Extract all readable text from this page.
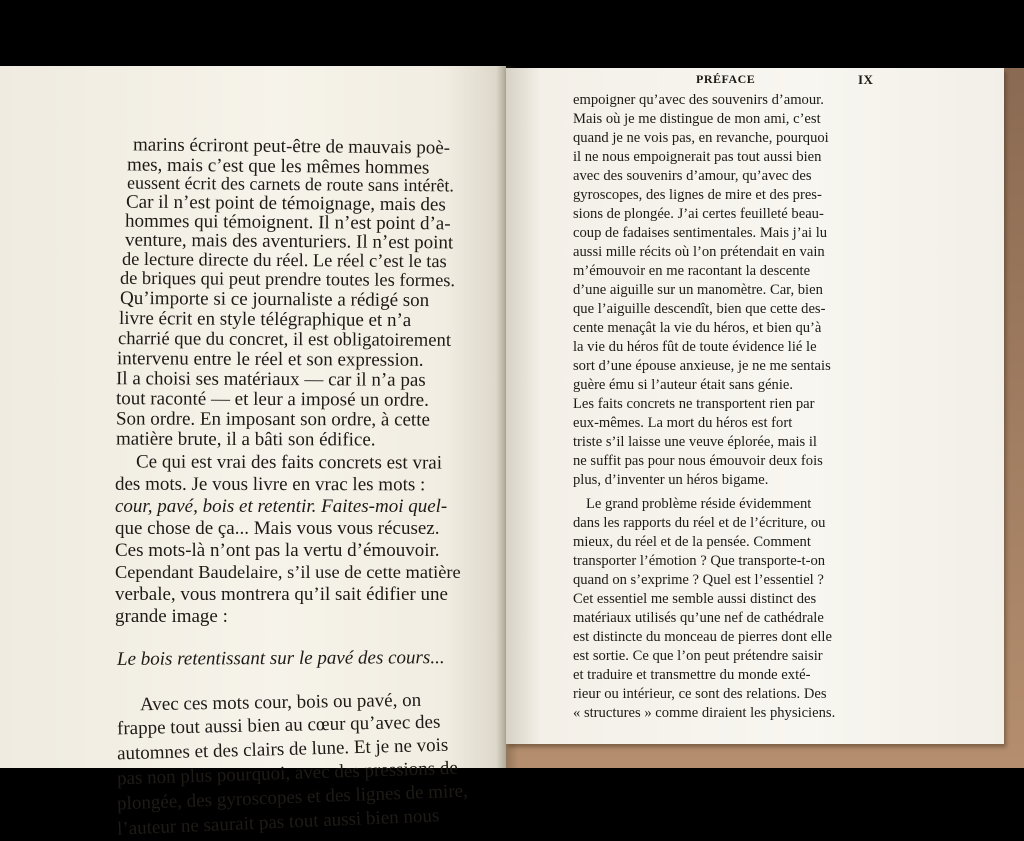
marins écriront peut-être de mauvais poè-
mes, mais c’est que les mêmes hommes
eussent écrit des carnets de route sans intérêt.
Car il n’est point de témoignage, mais des
hommes qui témoignent. Il n’est point d’a-
venture, mais des aventuriers. Il n’est point
de lecture directe du réel. Le réel c’est le tas
de briques qui peut prendre toutes les formes.
Qu’importe si ce journaliste a rédigé son
livre écrit en style télégraphique et n’a
charrié que du concret, il est obligatoirement
intervenu entre le réel et son expression.
Il a choisi ses matériaux — car il n’a pas
tout raconté — et leur a imposé un ordre.
Son ordre. En imposant son ordre, à cette
matière brute, il a bâti son édifice.
Ce qui est vrai des faits concrets est vrai
des mots. Je vous livre en vrac les mots :
cour, pavé, bois et retentir. Faites-moi quel-
que chose de ça... Mais vous vous récusez.
Ces mots-là n’ont pas la vertu d’émouvoir.
Cependant Baudelaire, s’il use de cette matière
verbale, vous montrera qu’il sait édifier une
grande image :
Le bois retentissant sur le pavé des cours...
Avec ces mots cour, bois ou pavé, on
frappe tout aussi bien au cœur qu’avec des
automnes et des clairs de lune. Et je ne vois
pas non plus pourquoi, avec des pressions de
plongée, des gyroscopes et des lignes de mire,
l’auteur ne saurait pas tout aussi bien nous
PRÉFACE	IX
empoigner qu’avec des souvenirs d’amour.
Mais où je me distingue de mon ami, c’est
quand je ne vois pas, en revanche, pourquoi
il ne nous empoignerait pas tout aussi bien
avec des souvenirs d’amour, qu’avec des
gyroscopes, des lignes de mire et des pres-
sions de plongée. J’ai certes feuilleté beau-
coup de fadaises sentimentales. Mais j’ai lu
aussi mille récits où l’on prétendait en vain
m’émouvoir en me racontant la descente
d’une aiguille sur un manomètre. Car, bien
que l’aiguille descendît, bien que cette des-
cente menaçât la vie du héros, et bien qu’à
la vie du héros fût de toute évidence lié le
sort d’une épouse anxieuse, je ne me sentais
guère ému si l’auteur était sans génie.
Les faits concrets ne transportent rien par
eux-mêmes. La mort du héros est fort
triste s’il laisse une veuve éplorée, mais il
ne suffit pas pour nous émouvoir deux fois
plus, d’inventer un héros bigame.
Le grand problème réside évidemment
dans les rapports du réel et de l’écriture, ou
mieux, du réel et de la pensée. Comment
transporter l’émotion ? Que transporte-t-on
quand on s’exprime ? Quel est l’essentiel ?
Cet essentiel me semble aussi distinct des
matériaux utilisés qu’une nef de cathédrale
est distincte du monceau de pierres dont elle
est sortie. Ce que l’on peut prétendre saisir
et traduire et transmettre du monde exté-
rieur ou intérieur, ce sont des relations. Des
« structures » comme diraient les physiciens.
